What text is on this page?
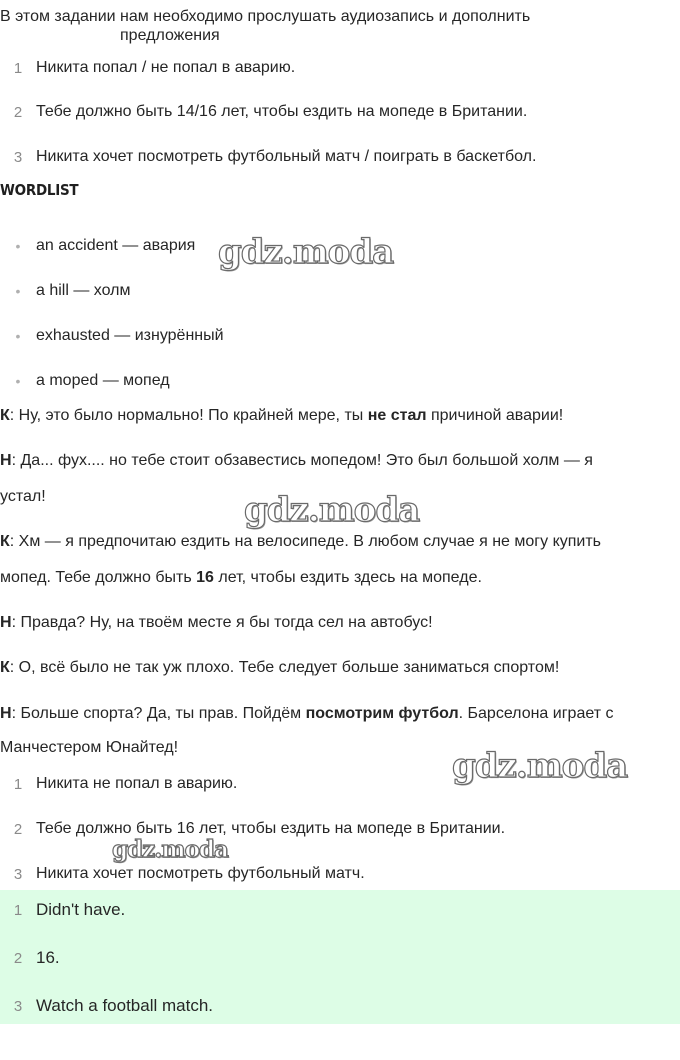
В этом задании нам необходимо прослушать аудиозапись и дополнить
предложения
1 Никита попал / не попал в аварию.
2 Тебе должно быть 14/16 лет, чтобы ездить на мопеде в Британии.
3 Никита хочет посмотреть футбольный матч / поиграть в баскетбол.
WORDLIST
• an accident — авария
• a hill — холм
• exhausted — изнурённый
• a moped — мопед
К: Ну, это было нормально! По крайней мере, ты не стал причиной аварии!
Н: Да... фух.... но тебе стоит обзавестись мопедом! Это был большой холм — я
устал!
К: Хм — я предпочитаю ездить на велосипеде. В любом случае я не могу купить
мопед. Тебе должно быть 16 лет, чтобы ездить здесь на мопеде.
Н: Правда? Ну, на твоём месте я бы тогда сел на автобус!
К: О, всё было не так уж плохо. Тебе следует больше заниматься спортом!
Н: Больше спорта? Да, ты прав. Пойдём посмотрим футбол. Барселона играет с
Манчестером Юнайтед!
1 Никита не попал в аварию.
2 Тебе должно быть 16 лет, чтобы ездить на мопеде в Британии.
3 Никита хочет посмотреть футбольный матч.
1 Didn't have.
2 16.
3 Watch a football match.
gdz.moda
gdz.moda
gdz.moda
gdz.moda
